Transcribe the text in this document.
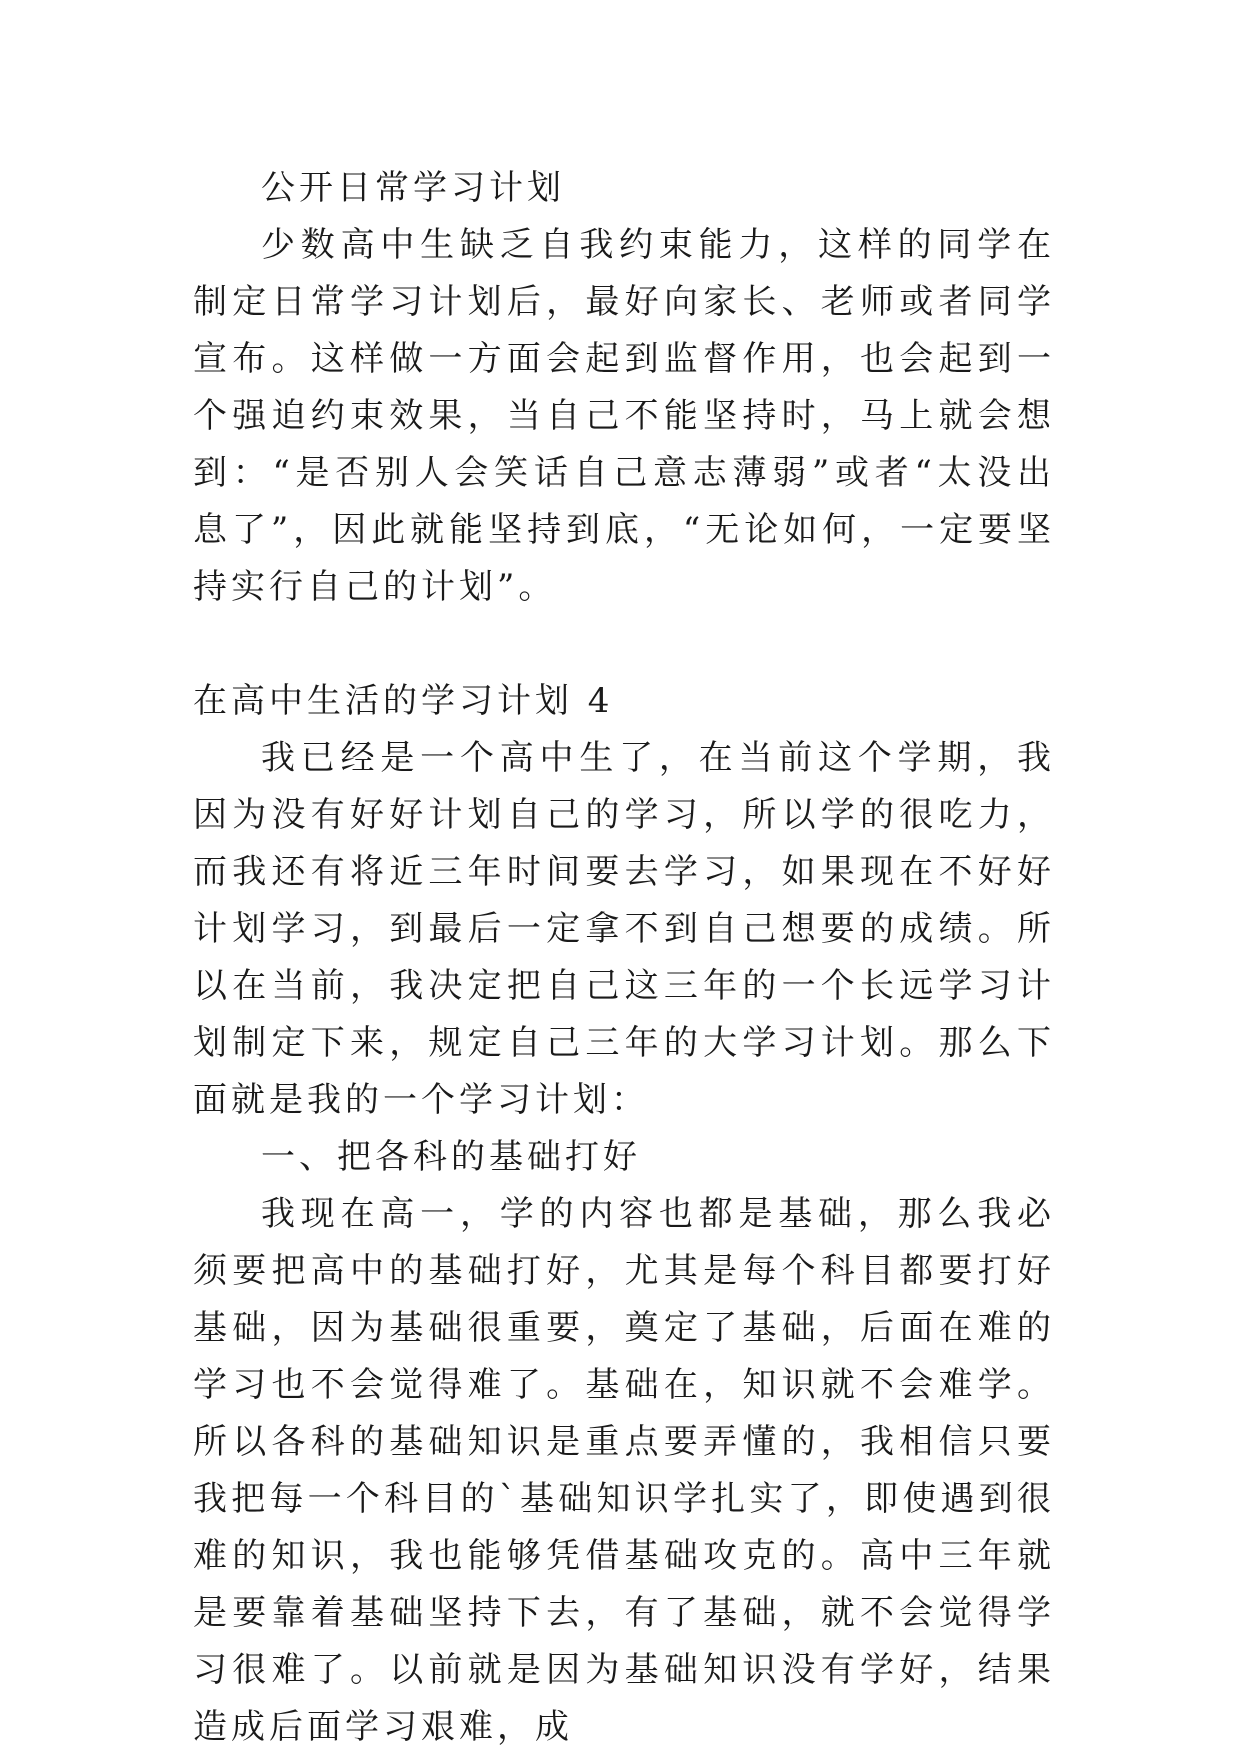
公开日常学习计划

少数高中生缺乏自我约束能力，这样的同学在制定日常学习计划后，最好向家长、老师或者同学宣布。这样做一方面会起到监督作用，也会起到一个强迫约束效果，当自己不能坚持时，马上就会想到：“是否别人会笑话自己意志薄弱”或者“太没出息了”，因此就能坚持到底，“无论如何，一定要坚持实行自己的计划”。

在高中生活的学习计划 4

我已经是一个高中生了，在当前这个学期，我因为没有好好计划自己的学习，所以学的很吃力，而我还有将近三年时间要去学习，如果现在不好好计划学习，到最后一定拿不到自己想要的成绩。所以在当前，我决定把自己这三年的一个长远学习计划制定下来，规定自己三年的大学习计划。那么下面就是我的一个学习计划：

一、把各科的基础打好

我现在高一，学的内容也都是基础，那么我必须要把高中的基础打好，尤其是每个科目都要打好基础，因为基础很重要，奠定了基础，后面在难的学习也不会觉得难了。基础在，知识就不会难学。所以各科的基础知识是重点要弄懂的，我相信只要我把每一个科目的`基础知识学扎实了，即使遇到很难的知识，我也能够凭借基础攻克的。高中三年就是要靠着基础坚持下去，有了基础，就不会觉得学习很难了。以前就是因为基础知识没有学好，结果造成后面学习艰难，成
